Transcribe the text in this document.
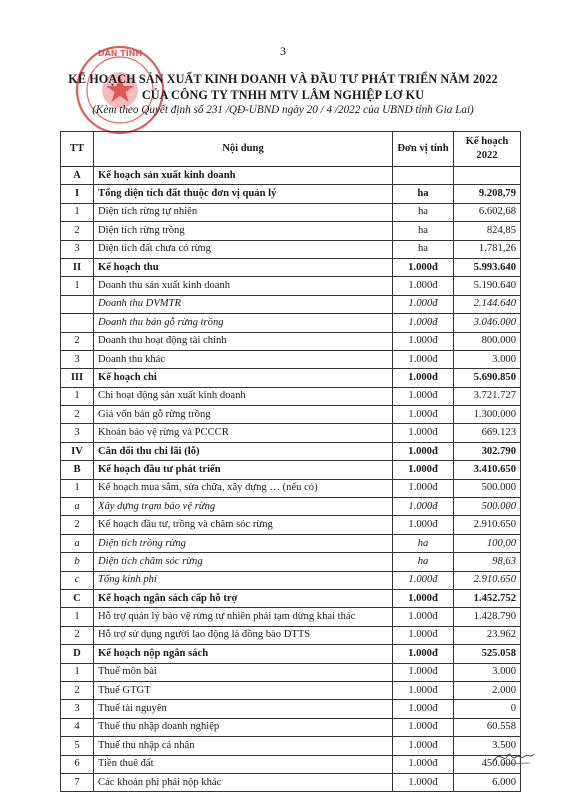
3
DÂN TỈNH
KẾ HOẠCH SẢN XUẤT KINH DOANH VÀ ĐẦU TƯ PHÁT TRIỂN NĂM 2022
CỦA CÔNG TY TNHH MTV LÂM NGHIỆP LƠ KU
(Kèm theo Quyết định số 231 /QĐ-UBND ngày 20 / 4 /2022 của UBND tỉnh Gia Lai)
TT	Nội dung	Đơn vị tính	Kế hoạch 2022
A	Kế hoạch sản xuất kinh doanh		
I	Tổng diện tích đất thuộc đơn vị quản lý	ha	9.208,79
1	Diện tích rừng tự nhiên	ha	6.602,68
2	Diện tích rừng trồng	ha	824,85
3	Diện tích đất chưa có rừng	ha	1.781,26
II	Kế hoạch thu	1.000đ	5.993.640
1	Doanh thu sản xuất kinh doanh	1.000đ	5.190.640
	Doanh thu DVMTR	1.000đ	2.144.640
	Doanh thu bán gỗ rừng trồng	1.000đ	3.046.000
2	Doanh thu hoạt động tài chính	1.000đ	800.000
3	Doanh thu khác	1.000đ	3.000
III	Kế hoạch chi	1.000đ	5.690.850
1	Chi hoạt động sản xuất kinh doanh	1.000đ	3.721.727
2	Giá vốn bán gỗ rừng trồng	1.000đ	1.300.000
3	Khoán bảo vệ rừng và PCCCR	1.000đ	669.123
IV	Cân đối thu chi lãi (lỗ)	1.000đ	302.790
B	Kế hoạch đầu tư phát triển	1.000đ	3.410.650
1	Kế hoạch mua sắm, sửa chữa, xây dựng … (nếu có)	1.000đ	500.000
a	Xây dựng trạm bảo vệ rừng	1.000đ	500.000
2	Kế hoạch đầu tư, trồng và chăm sóc rừng	1.000đ	2.910.650
a	Diện tích trồng rừng	ha	100,00
b	Diện tích chăm sóc rừng	ha	98,63
c	Tổng kinh phí	1.000đ	2.910.650
C	Kế hoạch ngân sách cấp hỗ trợ	1.000đ	1.452.752
1	Hỗ trợ quản lý bảo vệ rừng tự nhiên phải tạm dừng khai thác	1.000đ	1.428.790
2	Hỗ trợ sử dụng người lao động là đồng bào DTTS	1.000đ	23.962
D	Kế hoạch nộp ngân sách	1.000đ	525.058
1	Thuế môn bài	1.000đ	3.000
2	Thuế GTGT	1.000đ	2.000
3	Thuế tài nguyên	1.000đ	0
4	Thuế thu nhập doanh nghiệp	1.000đ	60.558
5	Thuế thu nhập cá nhân	1.000đ	3.500
6	Tiền thuê đất	1.000đ	450.000
7	Các khoản phí phải nộp khác	1.000đ	6.000
